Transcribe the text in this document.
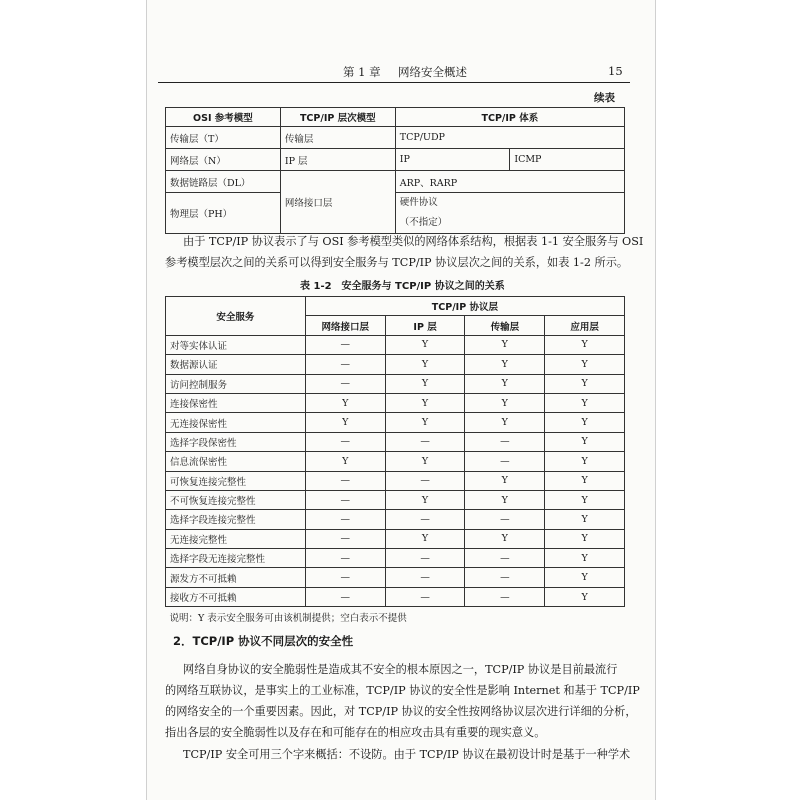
第 1 章 网络安全概述	15
续表
OSI 参考模型	TCP/IP 层次模型	TCP/IP 体系	
传输层（T）	传输层	TCP/UDP	
网络层（N）	IP 层	IP	ICMP
数据链路层（DL）	网络接口层	ARP、RARP	
物理层（PH）		硬件协议
（不指定）	
由于 TCP/IP 协议表示了与 OSI 参考模型类似的网络体系结构，根据表 1-1 安全服务与 OSI
参考模型层次之间的关系可以得到安全服务与 TCP/IP 协议层次之间的关系，如表 1-2 所示。
表 1-2　安全服务与 TCP/IP 协议之间的关系
安全服务	TCP/IP 协议层			
	网络接口层	IP 层	传输层	应用层
对等实体认证	—	Y	Y	Y
数据源认证	—	Y	Y	Y
访问控制服务	—	Y	Y	Y
连接保密性	Y	Y	Y	Y
无连接保密性	Y	Y	Y	Y
选择字段保密性	—	—	—	Y
信息流保密性	Y	Y	—	Y
可恢复连接完整性	—	—	Y	Y
不可恢复连接完整性	—	Y	Y	Y
选择字段连接完整性	—	—	—	Y
无连接完整性	—	Y	Y	Y
选择字段无连接完整性	—	—	—	Y
源发方不可抵赖	—	—	—	Y
接收方不可抵赖	—	—	—	Y
说明：Y 表示安全服务可由该机制提供；空白表示不提供				
2．TCP/IP 协议不同层次的安全性
网络自身协议的安全脆弱性是造成其不安全的根本原因之一，TCP/IP 协议是目前最流行
的网络互联协议，是事实上的工业标准，TCP/IP 协议的安全性是影响 Internet 和基于 TCP/IP
的网络安全的一个重要因素。因此，对 TCP/IP 协议的安全性按网络协议层次进行详细的分析，
指出各层的安全脆弱性以及存在和可能存在的相应攻击具有重要的现实意义。
TCP/IP 安全可用三个字来概括：不设防。由于 TCP/IP 协议在最初设计时是基于一种学术
